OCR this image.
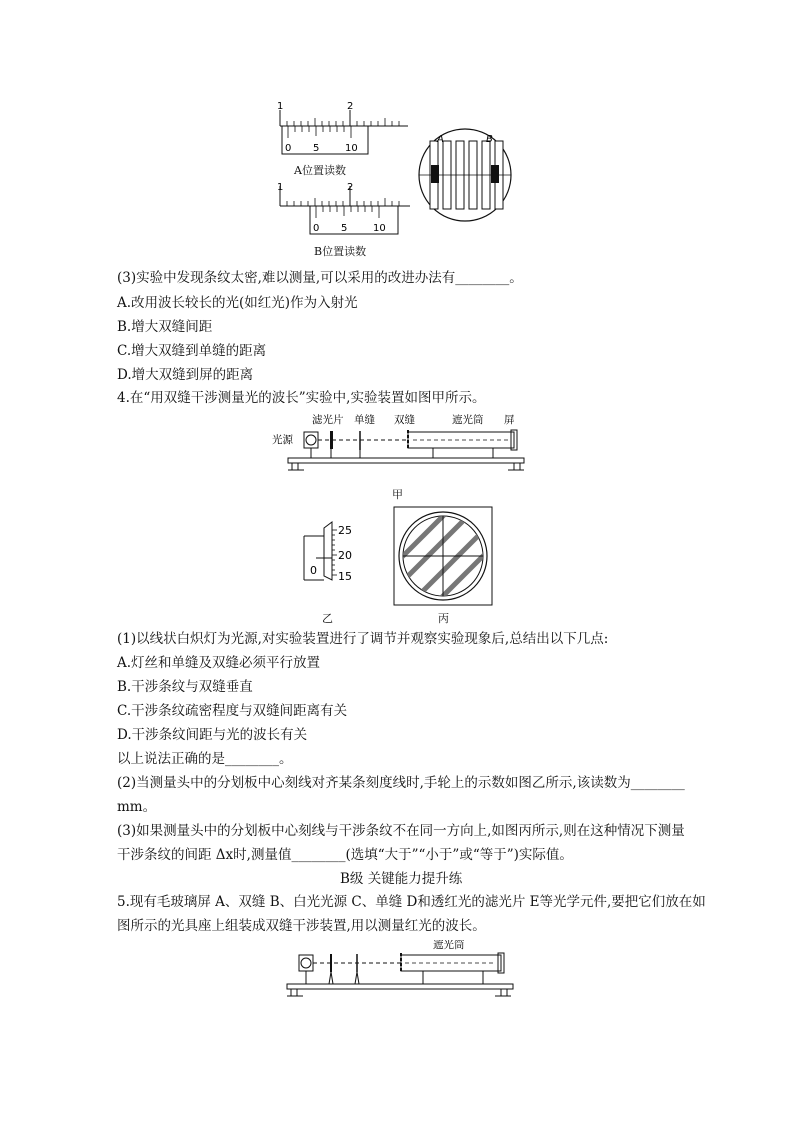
1	2
0 5	10
1	2
0 5	10
A位置读数
B位置读数
A	B
(3)实验中发现条纹太密,难以测量,可以采用的改进办法有________。
A.改用波长较长的光(如红光)作为入射光
B.增大双缝间距
C.增大双缝到单缝的距离
D.增大双缝到屏的距离
4.在“用双缝干涉测量光的波长”实验中,实验装置如图甲所示。
光源
滤光片 单缝 双缝	遮光筒 屏
甲
25
20
15
0
乙	丙
(1)以线状白炽灯为光源,对实验装置进行了调节并观察实验现象后,总结出以下几点:
A.灯丝和单缝及双缝必须平行放置
B.干涉条纹与双缝垂直
C.干涉条纹疏密程度与双缝间距离有关
D.干涉条纹间距与光的波长有关
以上说法正确的是________。
(2)当测量头中的分划板中心刻线对齐某条刻度线时,手轮上的示数如图乙所示,该读数为________
mm。
(3)如果测量头中的分划板中心刻线与干涉条纹不在同一方向上,如图丙所示,则在这种情况下测量
干涉条纹的间距 Δx时,测量值________(选填“大于”“小于”或“等于”)实际值。
B级 关键能力提升练
5.现有毛玻璃屏 A、双缝 B、白光光源 C、单缝 D和透红光的滤光片 E等光学元件,要把它们放在如
图所示的光具座上组装成双缝干涉装置,用以测量红光的波长。
遮光筒
